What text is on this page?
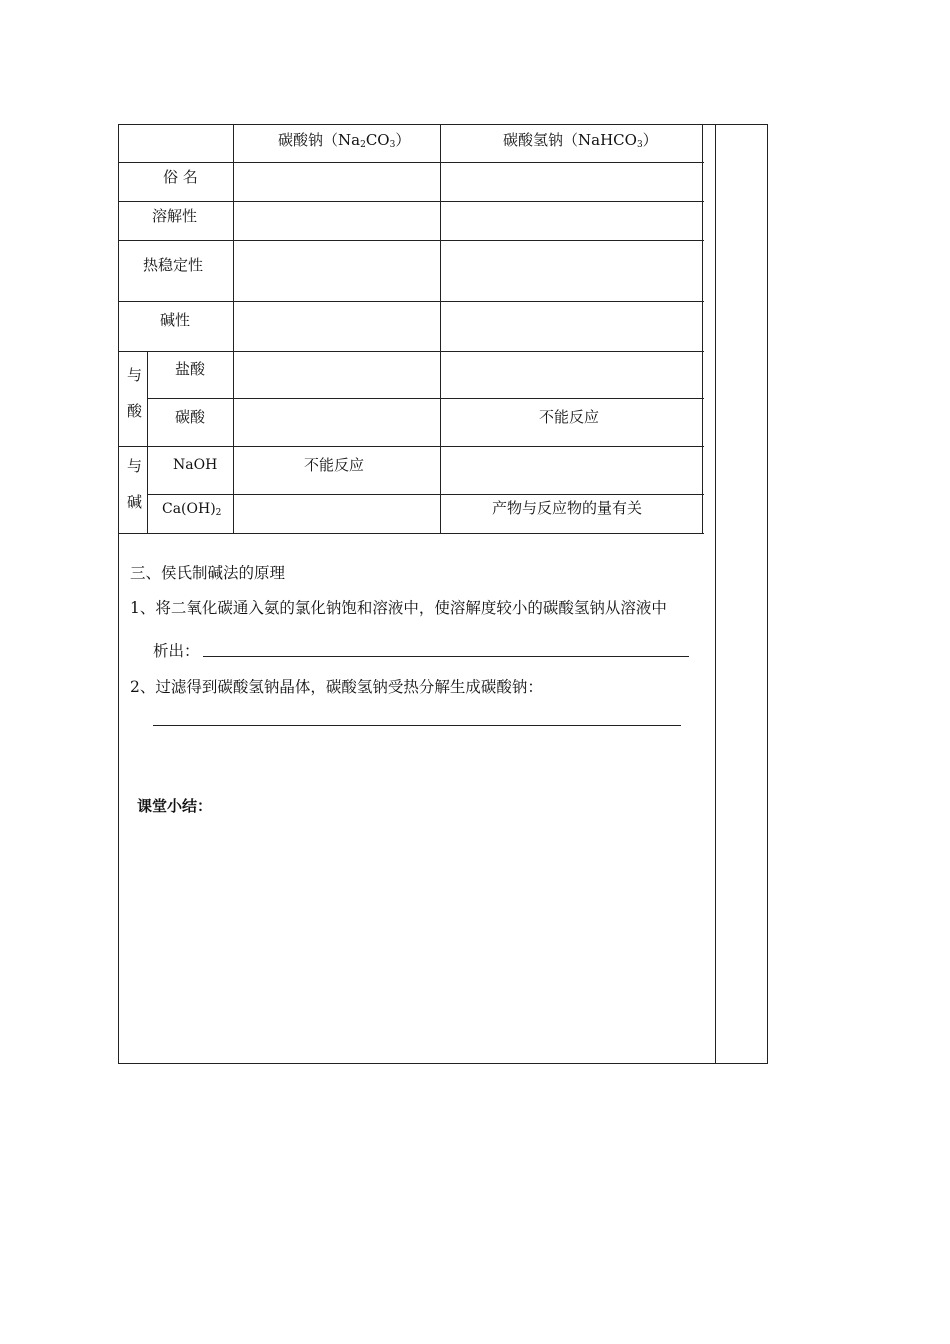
碳酸钠$(Na_2CO_3)$	碳酸氢钠（NaHCO$_3$）
俗 名
溶解性
热稳定性
碱性
与
酸
盐酸
碳酸
与
碱
NaOH
$Ca(OH)_2$
不能反应
不能反应
产物与反应物的量有关
三、侯氏制碱法的原理
1、将二氧化碳通入氨的氯化钠饱和溶液中，使溶解度较小的碳酸氢钠从溶液中
析出：
2、过滤得到碳酸氢钠晶体，碳酸氢钠受热分解生成碳酸钠：
课堂小结：
